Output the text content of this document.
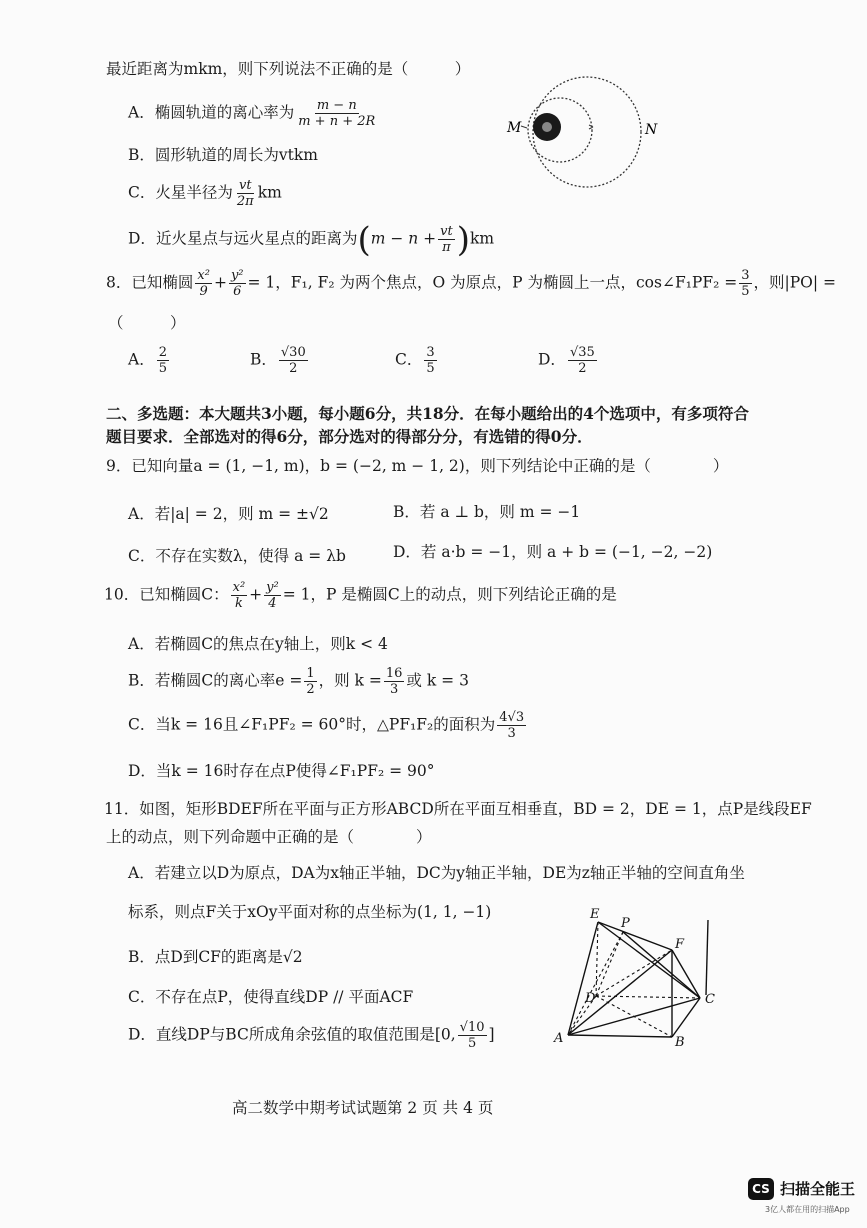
最近距离为mkm，则下列说法不正确的是（　　　）
A．椭圆轨道的离心率为 $\frac{m - n}{m + n + 2R}$
B．圆形轨道的周长为vtkm
C．火星半径为 $\frac{vt}{2\pi}$ km
D．近火星点与远火星点的距离为$(m - n + \frac{vt}{\pi} )km$
M	N
8．已知椭圆 $\frac{\text{x²}}{9} + \frac{\text{y²}}{6} = 1$，F₁, F₂ 为两个焦点，O 为原点，P 为椭圆上一点，cos∠F₁PF₂ = $\frac{3}{5}$ ，则|PO| =
（　　　）
A． $\frac{2}{5}$	B． $\frac{√30}{2}$	C． $\frac{3}{5}$	D． $\frac{√35}{2}$
二、多选题：本大题共3小题，每小题6分，共18分．在每小题给出的4个选项中，有多项符合
题目要求．全部选对的得6分，部分选对的得部分分，有选错的得0分．
9．已知向量a = (1, −1, m)，b = (−2, m − 1, 2)，则下列结论中正确的是（　　　　）
A．若|a| = 2，则 m = ±√2	B．若 a ⊥ b，则 m = −1
C．不存在实数λ，使得 a = λb	D．若 a·b = −1，则 a + b = (−1, −2, −2)
10．已知椭圆C： $\frac{\text{x²}}{k} + \frac{\text{y²}}{4} = 1$，P 是椭圆C上的动点，则下列结论正确的是
A．若椭圆C的焦点在y轴上，则k < 4
B．若椭圆C的离心率$e = \frac{1}{2}$ ，则 $k = \frac{16}{3}$ 或 k = 3
C．当k = 16且∠F₁PF₂ = 60°时，△PF₁F₂的面积为 $\frac{4√3}{3}$
D．当k = 16时存在点P使得∠F₁PF₂ = 90°
11．如图，矩形BDEF所在平面与正方形ABCD所在平面互相垂直，BD = 2，DE = 1，点P是线段EF
上的动点，则下列命题中正确的是（　　　　）
A．若建立以D为原点，DA为x轴正半轴，DC为y轴正半轴，DE为z轴正半轴的空间直角坐
标系，则点F关于xOy平面对称的点坐标为(1, 1, −1)
B．点D到CF的距离是√2
C．不存在点P，使得直线DP // 平面ACF
D．直线DP与BC所成角余弦值的取值范围是[0, $\frac{√10}{5}$ ]
E
P
F
D	C
A	B
高二数学中期考试试题第 2 页 共 4 页
CS 扫描全能王
3亿人都在用的扫描App
